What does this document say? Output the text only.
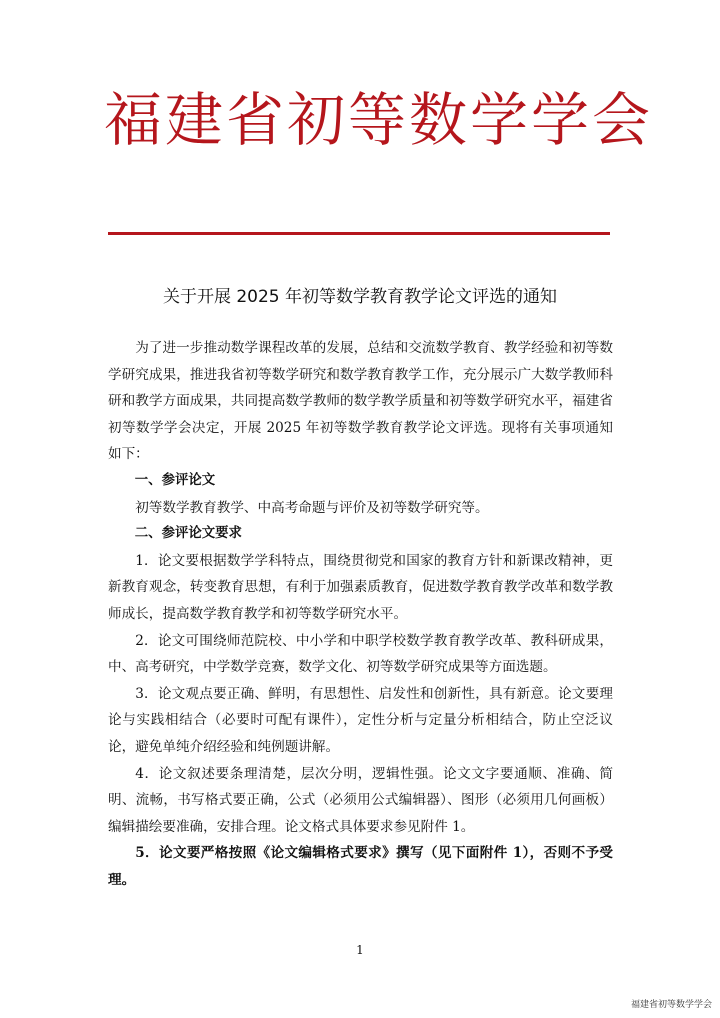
福建省初等数学学会
关于开展 2025 年初等数学教育教学论文评选的通知

为了进一步推动数学课程改革的发展，总结和交流数学教育、教学经验和初等数学研究成果，推进我省初等数学研究和数学教育教学工作，充分展示广大数学教师科研和教学方面成果，共同提高数学教师的数学教学质量和初等数学研究水平，福建省初等数学学会决定，开展 2025 年初等数学教育教学论文评选。现将有关事项通知如下：

一、参评论文

初等数学教育教学、中高考命题与评价及初等数学研究等。

二、参评论文要求

1．论文要根据数学学科特点，围绕贯彻党和国家的教育方针和新课改精神，更新教育观念，转变教育思想，有利于加强素质教育，促进数学教育教学改革和数学教师成长，提高数学教育教学和初等数学研究水平。

2．论文可围绕师范院校、中小学和中职学校数学教育教学改革、教科研成果，中、高考研究，中学数学竞赛，数学文化、初等数学研究成果等方面选题。

3．论文观点要正确、鲜明，有思想性、启发性和创新性，具有新意。论文要理论与实践相结合（必要时可配有课件），定性分析与定量分析相结合，防止空泛议论，避免单纯介绍经验和纯例题讲解。

4．论文叙述要条理清楚，层次分明，逻辑性强。论文文字要通顺、准确、简明、流畅，书写格式要正确，公式（必须用公式编辑器）、图形（必须用几何画板）编辑描绘要准确，安排合理。论文格式具体要求参见附件 1。

5．论文要严格按照《论文编辑格式要求》撰写（见下面附件 1），否则不予受理。

1
福建省初等数学学会
